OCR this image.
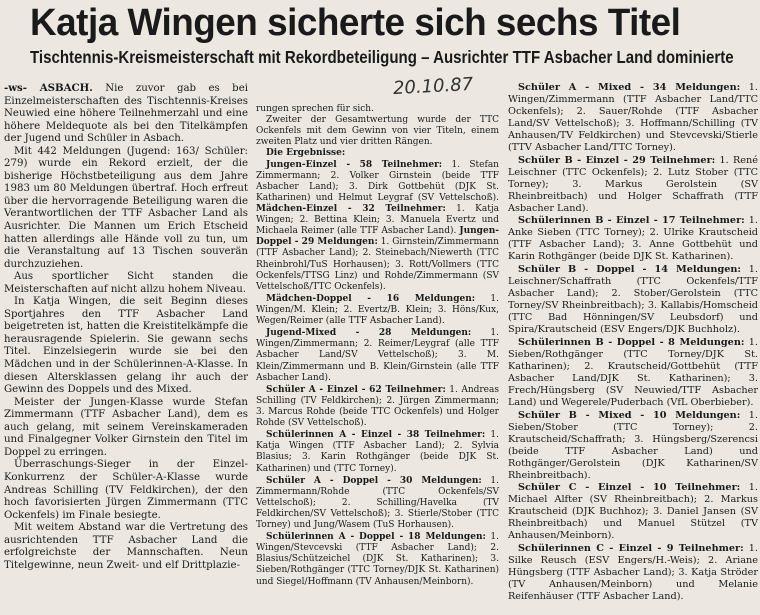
Katja Wingen sicherte sich sechs Titel
Tischtennis-Kreismeisterschaft mit Rekordbeteiligung – Ausrichter TTF Asbacher Land dominierte
20.10.87

-ws- ASBACH. Nie zuvor gab es bei Einzelmeisterschaften des Tischtennis-Kreises Neuwied eine höhere Teilnehmerzahl und eine höhere Meldequote als bei den Titelkämpfen der Jugend und Schüler in Asbach.

Mit 442 Meldungen (Jugend: 163/ Schüler: 279) wurde ein Rekord erzielt, der die bisherige Höchstbeteiligung aus dem Jahre 1983 um 80 Meldungen übertraf. Hoch erfreut über die hervorragende Beteiligung waren die Verantwortlichen der TTF Asbacher Land als Ausrichter. Die Mannen um Erich Etscheid hatten allerdings alle Hände voll zu tun, um die Veranstaltung auf 13 Tischen souverän durchzuziehen.

Aus sportlicher Sicht standen die Meisterschaften auf nicht allzu hohem Niveau.

In Katja Wingen, die seit Beginn dieses Sportjahres den TTF Asbacher Land beigetreten ist, hatten die Kreistitelkämpfe die herausragende Spielerin. Sie gewann sechs Titel. Einzelsiegerin wurde sie bei den Mädchen und in der Schülerinnen-A-Klasse. In diesen Altersklassen gelang ihr auch der Gewinn des Doppels und des Mixed.

Meister der Jungen-Klasse wurde Stefan Zimmermann (TTF Asbacher Land), dem es auch gelang, mit seinem Vereinskameraden und Finalgegner Volker Girnstein den Titel im Doppel zu erringen.

Überraschungs-Sieger in der Einzel-Konkurrenz der Schüler-A-Klasse wurde Andreas Schilling (TV Feldkirchen), der den hoch favorisierten Jürgen Zimmermann (TTC Ockenfels) im Finale besiegte.

Mit weitem Abstand war die Vertretung des ausrichtenden TTF Asbacher Land die erfolgreichste der Mannschaften. Neun Titelgewinne, neun Zweit- und elf Drittplazie-

rungen sprechen für sich.

Zweiter der Gesamtwertung wurde der TTC Ockenfels mit dem Gewinn von vier Titeln, einem zweiten Platz und vier dritten Rängen.

Die Ergebnisse:

Jungen-Einzel - 58 Teilnehmer: 1. Stefan Zimmermann; 2. Volker Girnstein (beide TTF Asbacher Land); 3. Dirk Gottbehüt (DJK St. Katharinen) und Helmut Leygraf (SV Vettelschoß). Mädchen-Einzel - 32 Teilnehmer: 1. Katja Wingen; 2. Bettina Klein; 3. Manuela Evertz und Michaela Reimer (alle TTF Asbacher Land). Jungen-Doppel - 29 Meldungen: 1. Girnstein/Zimmermann (TTF Asbacher Land); 2. Steinebach/Niewerth (TTC Rheinbrohl/TuS Horhausen); 3. Rott/Vollmers (TTC Ockenfels/TTSG Linz) und Rohde/Zimmermann (SV Vettelschoß/TTC Ockenfels).

Mädchen-Doppel - 16 Meldungen: 1. Wingen/M. Klein; 2. Evertz/B. Klein; 3. Höns/Kux, Wegen/Reimer (alle TTF Asbacher Land).

Jugend-Mixed - 28 Meldungen: 1. Wingen/Zimmermann; 2. Reimer/Leygraf (alle TTF Asbacher Land/SV Vettelschoß); 3. M. Klein/Zimmermann und B. Klein/Girnstein (alle TTF Asbacher Land).

Schüler A - Einzel - 62 Teilnehmer: 1. Andreas Schilling (TV Feldkirchen); 2. Jürgen Zimmermann; 3. Marcus Rohde (beide TTC Ockenfels) und Holger Rohde (SV Vettelschoß).

Schülerinnen A - Einzel - 38 Teilnehmer: 1. Katja Wingen (TTF Asbacher Land); 2. Sylvia Blasius; 3. Karin Rothgänger (beide DJK St. Katharinen) und (TTC Torney).

Schüler A - Doppel - 30 Meldungen: 1. Zimmermann/Rohde (TTC Ockenfels/SV Vettelschoß); 2. Schilling/Havelka (TV Feldkirchen/SV Vettelschoß); 3. Stierle/Stober (TTC Torney) und Jung/Wasem (TuS Horhausen).

Schülerinnen A - Doppel - 18 Meldungen: 1. Wingen/Stevcevski (TTF Asbacher Land); 2. Blasius/Schützeichel (DJK St. Katharinen); 3. Sieben/Rothgänger (TTC Torney/DJK St. Katharinen) und Siegel/Hoffmann (TV Anhausen/Meinborn).

Schüler A - Mixed - 34 Meldungen: 1. Wingen/Zimmermann (TTF Asbacher Land/TTC Ockenfels); 2. Sauer/Rohde (TTF Asbacher Land/SV Vettelschoß); 3. Hoffmann/Schilling (TV Anhausen/TV Feldkirchen) und Stevcevski/Stierle (TTV Asbacher Land/TTC Torney).

Schüler B - Einzel - 29 Teilnehmer: 1. René Leischner (TTC Ockenfels); 2. Lutz Stober (TTC Torney); 3. Markus Gerolstein (SV Rheinbreitbach) und Holger Schaffrath (TTF Asbacher Land).

Schülerinnen B - Einzel - 17 Teilnehmer: 1. Anke Sieben (TTC Torney); 2. Ulrike Krautscheid (TTF Asbacher Land); 3. Anne Gottbehüt und Karin Rothgänger (beide DJK St. Katharinen).

Schüler B - Doppel - 14 Meldungen: 1. Leischner/Schaffrath (TTC Ockenfels/TTF Asbacher Land); 2. Stober/Gerolstein (TTC Torney/SV Rheinbreitbach); 3. Kallabis/Homscheid (TTC Bad Hönningen/SV Leubsdorf) und Spira/Krautscheid (ESV Engers/DJK Buchholz).

Schülerinnen B - Doppel - 8 Meldungen: 1. Sieben/Rothgänger (TTC Torney/DJK St. Katharinen); 2. Krautscheid/Gottbehüt (TTF Asbacher Land/DJK St. Katharinen); 3. Frech/Hüngsberg (SV Neuwied/TTF Asbacher Land) und Wegerele/Puderbach (VfL Oberbieber).

Schüler B - Mixed - 10 Meldungen: 1. Sieben/Stober (TTC Torney); 2. Krautscheid/Schaffrath; 3. Hüngsberg/Szerencsi (beide TTF Asbacher Land) und Rothgänger/Gerolstein (DJK Katharinen/SV Rheinbreitbach).

Schüler C - Einzel - 10 Teilnehmer: 1. Michael Alfter (SV Rheinbreitbach); 2. Markus Krautscheid (DJK Buchhoz); 3. Daniel Jansen (SV Rheinbreitbach) und Manuel Stützel (TV Anhausen/Meinborn).

Schülerinnen C - Einzel - 9 Teilnehmer: 1. Silke Reusch (ESV Engers/H.-Weis); 2. Ariane Hüngsberg (TTF Asbacher Land); 3. Katja Ströder (TV Anhausen/Meinborn) und Melanie Reifenhäuser (TTF Asbacher Land).
